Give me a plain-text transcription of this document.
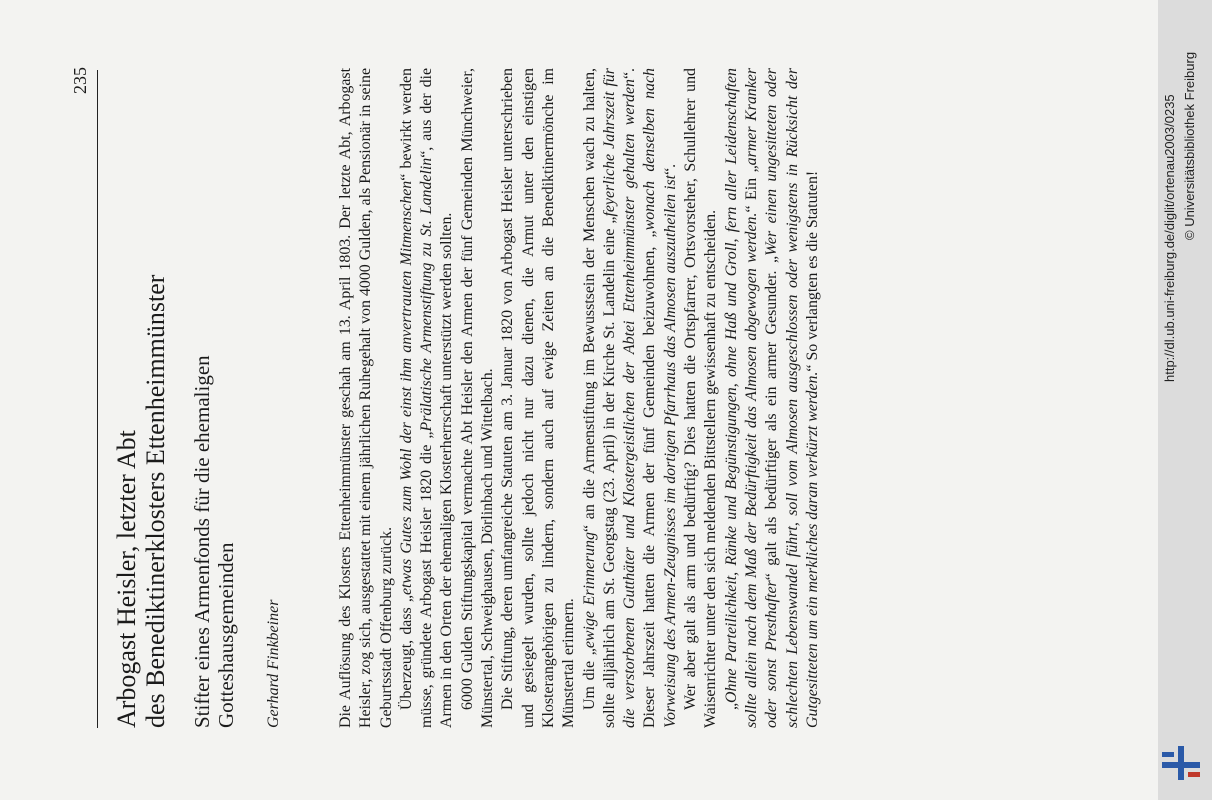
235
Arbogast Heisler, letzter Abt des Benediktinerklosters Ettenheimmünster Stifter eines Armenfonds für die ehemaligen Gotteshausgemeinden Gerhard Finkbeiner	Die Auflösung des Klosters Ettenheimmünster geschah am 13. April 1803. Der letzte Abt, Arbogast Heisler, zog sich, ausgestattet mit einem jährlichen Ruhegehalt von 4000 Gulden, als Pensionär in seine Geburtsstadt Offenburg zurück. Überzeugt, dass „etwas Gutes zum Wohl der einst ihm anvertrauten Mitmenschen“ bewirkt werden müsse, gründete Arbogast Heisler 1820 die „Prälatische Armenstiftung zu St. Landelin“, aus der die Armen in den Orten der ehemaligen Klosterherrschaft unterstützt werden sollten. 6000 Gulden Stiftungskapital vermachte Abt Heisler den Armen der fünf Gemeinden Münchweier, Münstertal, Schweighausen, Dörlinbach und Wittelbach. Die Stiftung, deren umfangreiche Statuten am 3. Januar 1820 von Arbogast Heisler unterschrieben und gesiegelt wurden, sollte jedoch nicht nur dazu dienen, die Armut unter den einstigen Klosterangehörigen zu lindern, sondern auch auf ewige Zeiten an die Benediktinermönche im Münstertal erinnern. Um die „ewige Erinnerung“ an die Armenstiftung im Bewusstsein der Menschen wach zu halten, sollte alljährlich am St. Georgstag (23. April) in der Kirche St. Landelin eine „feyerliche Jahrszeit für die verstorbenen Gutthäter und Klostergeistlichen der Abtei Ettenheimmünster gehalten werden“. Dieser Jahrszeit hatten die Armen der fünf Gemeinden beizuwohnen, „wonach denselben nach Vorweisung des Armen-Zeugnisses im dortigen Pfarrhaus das Almosen auszutheilen ist“. Wer aber galt als arm und bedürftig? Dies hatten die Ortspfarrer, Ortsvorsteher, Schullehrer und Waisenrichter unter den sich meldenden Bittstellern gewissenhaft zu entscheiden. „Ohne Parteilichkeit, Ränke und Begünstigungen, ohne Haß und Groll, fern aller Leidenschaften sollte allein nach dem Maß der Bedürftigkeit das Almosen abgewogen werden.“ Ein „armer Kranker oder sonst Presthafter“ galt als bedürftiger als ein armer Gesunder. „Wer einen ungesitteten oder schlechten Lebenswandel führt, soll vom Almosen ausgeschlossen oder wenigstens in Rücksicht der Gutgesitteten um ein merkliches daran verkürzt werden.“ So verlangten es die Statuten!	http://dl.ub.uni-freiburg.de/diglit/ortenau2003/0235 © Universitätsbibliothek Freiburg
